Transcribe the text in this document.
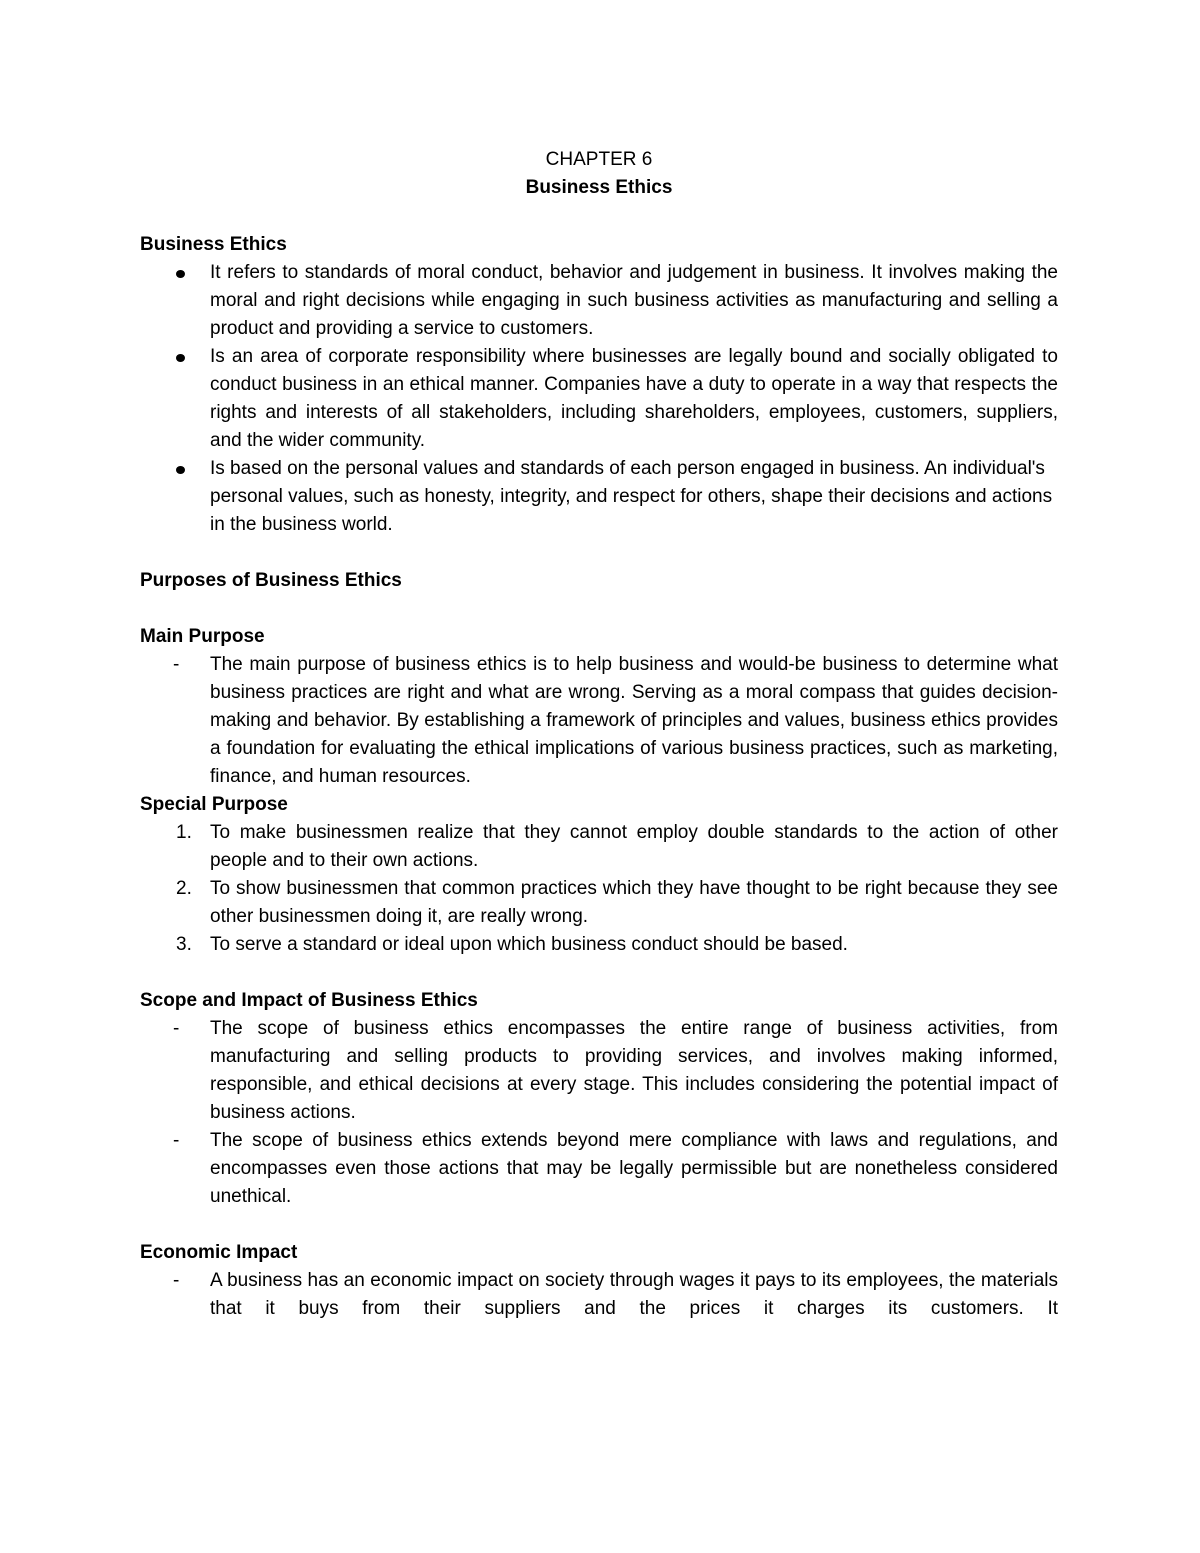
CHAPTER 6
Business Ethics
Business Ethics
It refers to standards of moral conduct, behavior and judgement in business. It involves making the moral and right decisions while engaging in such business activities as manufacturing and selling a product and providing a service to customers.
Is an area of corporate responsibility where businesses are legally bound and socially obligated to conduct business in an ethical manner. Companies have a duty to operate in a way that respects the rights and interests of all stakeholders, including shareholders, employees, customers, suppliers, and the wider community.
Is based on the personal values and standards of each person engaged in business. An individual's personal values, such as honesty, integrity, and respect for others, shape their decisions and actions in the business world.
Purposes of Business Ethics
Main Purpose
- The main purpose of business ethics is to help business and would-be business to determine what business practices are right and what are wrong. Serving as a moral compass that guides decision-making and behavior. By establishing a framework of principles and values, business ethics provides a foundation for evaluating the ethical implications of various business practices, such as marketing, finance, and human resources.
Special Purpose
1. To make businessmen realize that they cannot employ double standards to the action of other people and to their own actions.
2. To show businessmen that common practices which they have thought to be right because they see other businessmen doing it, are really wrong.
3. To serve a standard or ideal upon which business conduct should be based.
Scope and Impact of Business Ethics
- The scope of business ethics encompasses the entire range of business activities, from manufacturing and selling products to providing services, and involves making informed, responsible, and ethical decisions at every stage. This includes considering the potential impact of business actions.
- The scope of business ethics extends beyond mere compliance with laws and regulations, and encompasses even those actions that may be legally permissible but are nonetheless considered unethical.
Economic Impact
- A business has an economic impact on society through wages it pays to its employees, the materials that it buys from their suppliers and the prices it charges its customers. It
